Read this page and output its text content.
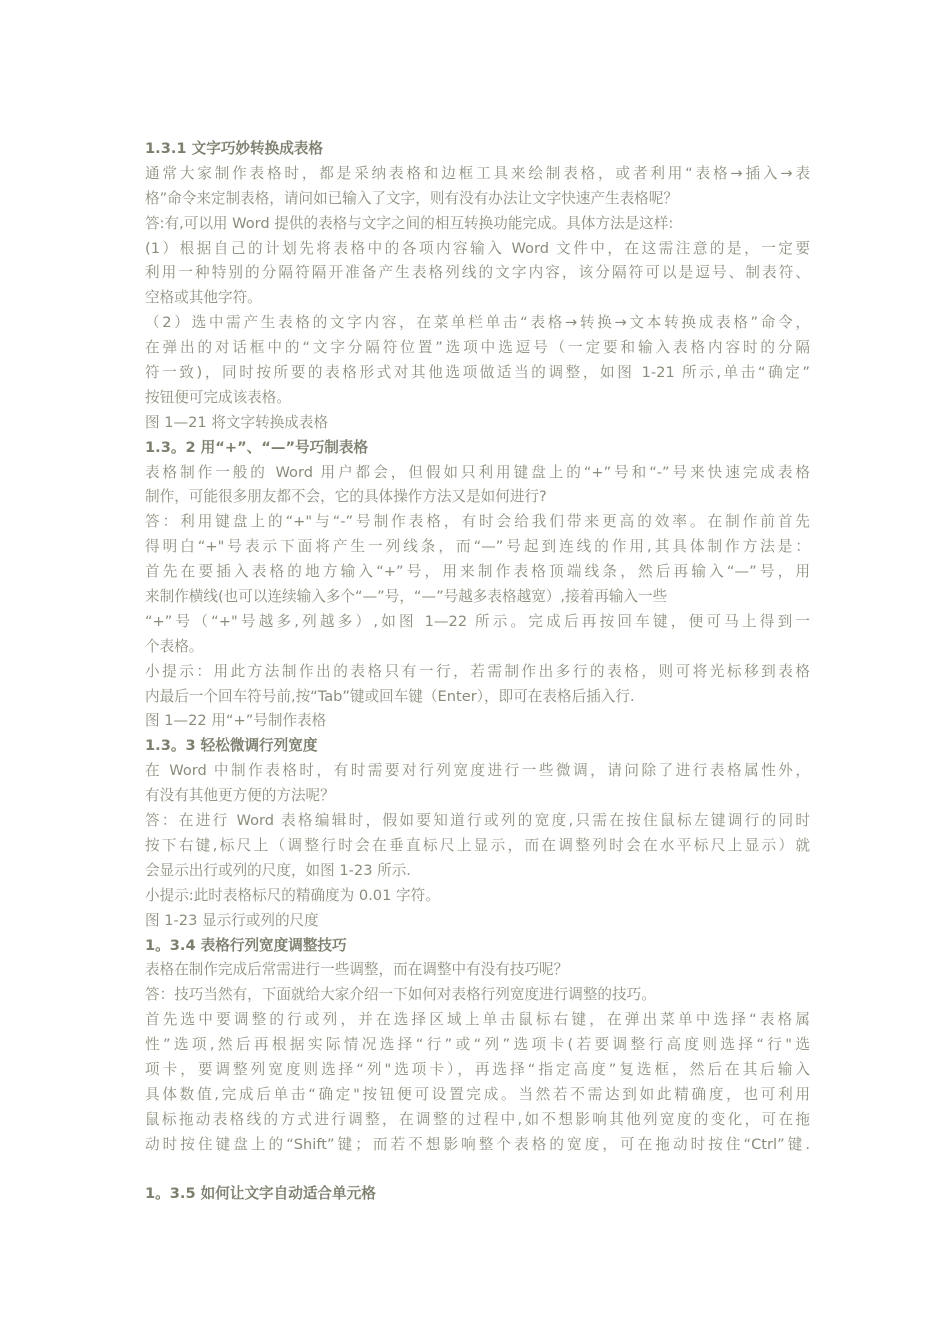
1.3.1 文字巧妙转换成表格
通常大家制作表格时，都是采纳表格和边框工具来绘制表格，或者利用“表格→插入→表
格”命令来定制表格，请问如已输入了文字，则有没有办法让文字快速产生表格呢？
答:有,可以用 Word 提供的表格与文字之间的相互转换功能完成。具体方法是这样:
(1）根据自己的计划先将表格中的各项内容输入 Word 文件中，在这需注意的是，一定要
利用一种特别的分隔符隔开准备产生表格列线的文字内容，该分隔符可以是逗号、制表符、
空格或其他字符。
（2）选中需产生表格的文字内容，在菜单栏单击“表格→转换→文本转换成表格”命令，
在弹出的对话框中的“文字分隔符位置”选项中选逗号（一定要和输入表格内容时的分隔
符一致)，同时按所要的表格形式对其他选项做适当的调整，如图 1-21 所示,单击“确定”
按钮便可完成该表格。
图 1—21 将文字转换成表格
1.3。2 用“+”、“—”号巧制表格
表格制作一般的 Word 用户都会，但假如只利用键盘上的“+”号和“-”号来快速完成表格
制作，可能很多朋友都不会，它的具体操作方法又是如何进行?
答：利用键盘上的“+"与“-”号制作表格，有时会给我们带来更高的效率。在制作前首先
得明白“+"号表示下面将产生一列线条，而“—”号起到连线的作用,其具体制作方法是：
首先在要插入表格的地方输入“+”号，用来制作表格顶端线条，然后再输入“—”号，用
来制作横线(也可以连续输入多个“—”号，“—”号越多表格越宽）,接着再输入一些
“+”号（“+"号越多,列越多）,如图 1—22 所示。完成后再按回车键，便可马上得到一
个表格。
小提示：用此方法制作出的表格只有一行，若需制作出多行的表格，则可将光标移到表格
内最后一个回车符号前,按“Tab”键或回车键（Enter），即可在表格后插入行.
图 1—22 用“+”号制作表格
1.3。3 轻松微调行列宽度
在 Word 中制作表格时，有时需要对行列宽度进行一些微调，请问除了进行表格属性外，
有没有其他更方便的方法呢？
答：在进行 Word 表格编辑时，假如要知道行或列的宽度,只需在按住鼠标左键调行的同时
按下右键,标尺上（调整行时会在垂直标尺上显示，而在调整列时会在水平标尺上显示）就
会显示出行或列的尺度，如图 1-23 所示.
小提示:此时表格标尺的精确度为 0.01 字符。
图 1-23 显示行或列的尺度
1。3.4 表格行列宽度调整技巧
表格在制作完成后常需进行一些调整，而在调整中有没有技巧呢？
答：技巧当然有，下面就给大家介绍一下如何对表格行列宽度进行调整的技巧。
首先选中要调整的行或列，并在选择区域上单击鼠标右键，在弹出菜单中选择“表格属
性”选项,然后再根据实际情况选择“行”或“列”选项卡(若要调整行高度则选择“行"选
项卡，要调整列宽度则选择“列"选项卡），再选择“指定高度”复选框，然后在其后输入
具体数值,完成后单击“确定"按钮便可设置完成。当然若不需达到如此精确度，也可利用
鼠标拖动表格线的方式进行调整，在调整的过程中,如不想影响其他列宽度的变化，可在拖
动时按住键盘上的“Shift”键；而若不想影响整个表格的宽度，可在拖动时按住“Ctrl”键.
1。3.5 如何让文字自动适合单元格
